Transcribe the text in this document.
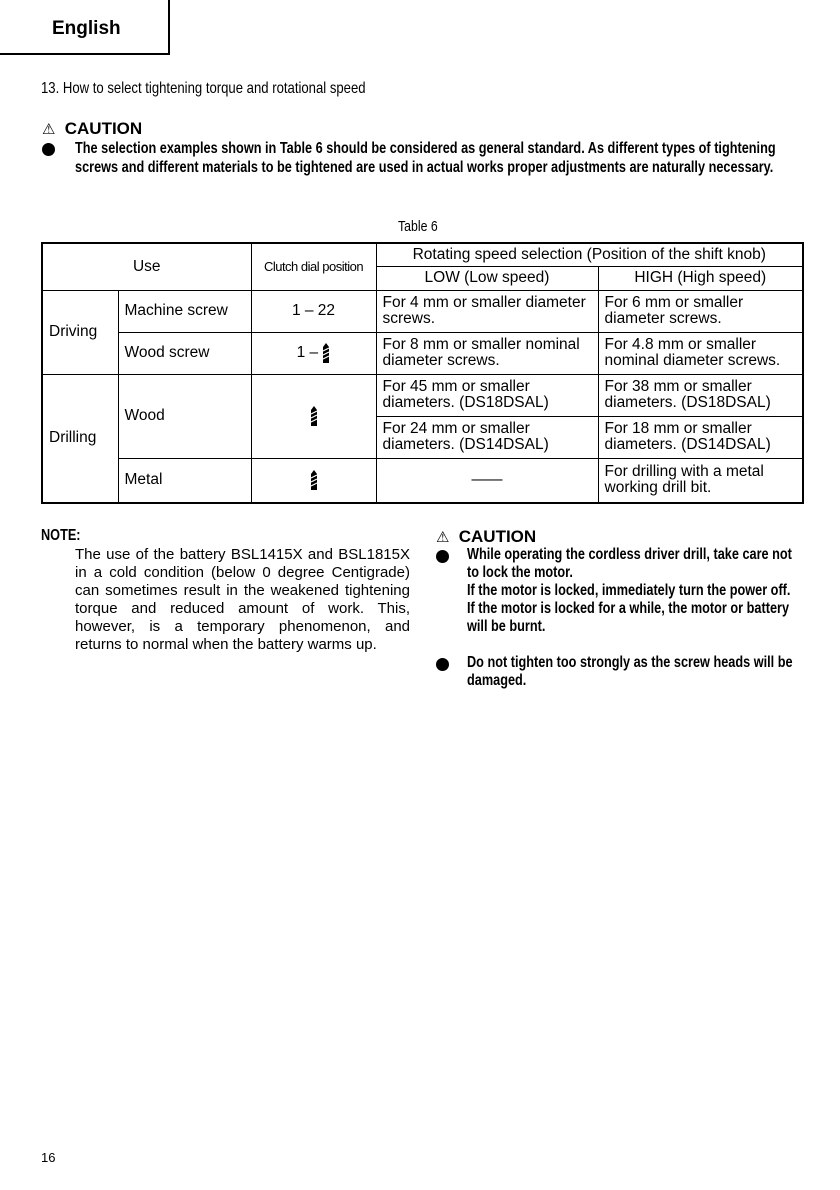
English
13. How to select tightening torque and rotational speed
⚠ CAUTION
The selection examples shown in Table 6 should be considered as general standard. As different types of tightening screws and different materials to be tightened are used in actual works proper adjustments are naturally necessary.
Table 6
Use		Clutch dial position	Rotating speed selection (Position of the shift knob)	
			LOW (Low speed)	HIGH (High speed)
Driving	Machine screw	1 – 22	For 4 mm or smaller diameter screws.	For 6 mm or smaller diameter screws.
	Wood screw	1 –	For 8 mm or smaller nominal diameter screws.	For 4.8 mm or smaller nominal diameter screws.
Drilling	Wood		For 45 mm or smaller diameters. (DS18DSAL)	For 38 mm or smaller diameters. (DS18DSAL)
			For 24 mm or smaller diameters. (DS14DSAL)	For 18 mm or smaller diameters. (DS14DSAL)
	Metal		——	For drilling with a metal working drill bit.
NOTE:
The use of the battery BSL1415X and BSL1815X in a cold condition (below 0 degree Centigrade) can sometimes result in the weakened tightening torque and reduced amount of work. This, however, is a temporary phenomenon, and returns to normal when the battery warms up.
⚠ CAUTION
While operating the cordless driver drill, take care not to lock the motor.
If the motor is locked, immediately turn the power off.
If the motor is locked for a while, the motor or battery will be burnt.
Do not tighten too strongly as the screw heads will be damaged.
16
